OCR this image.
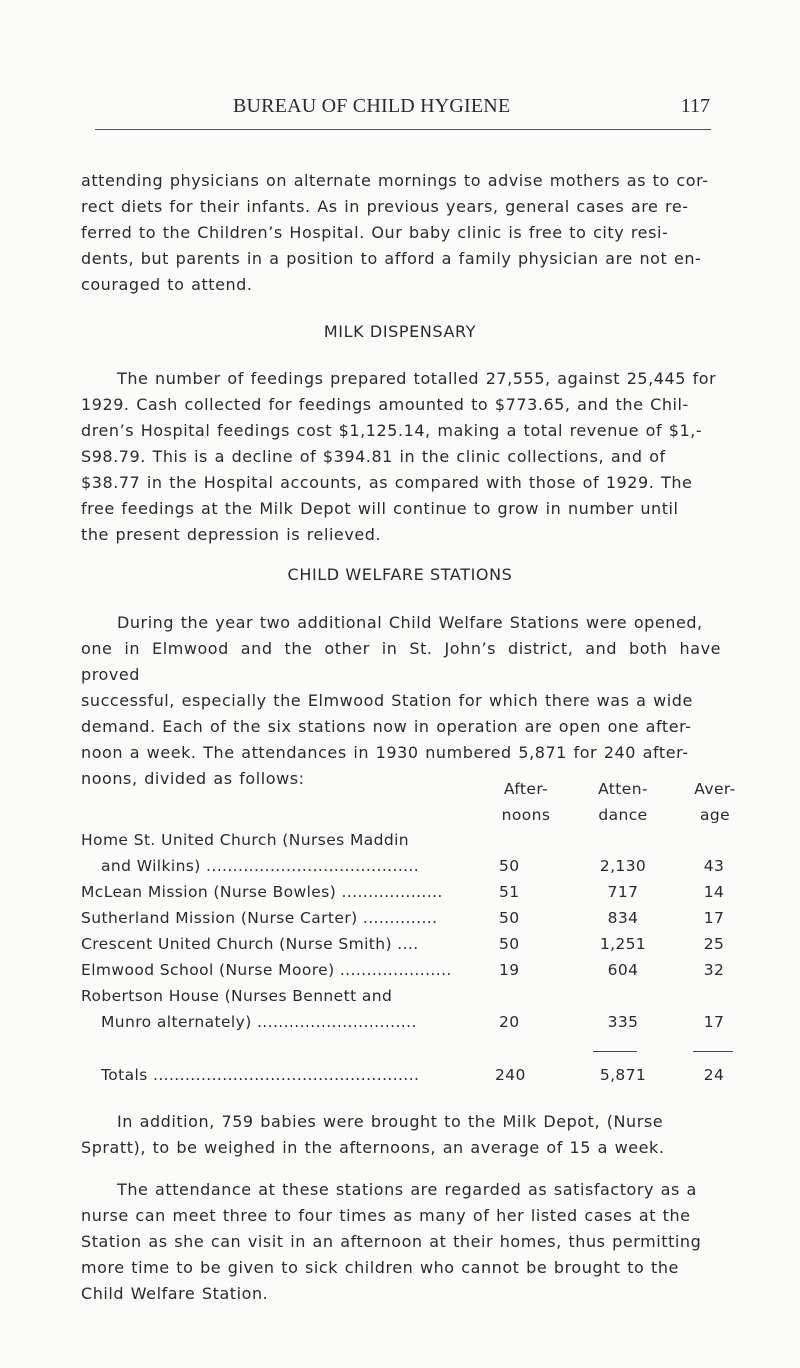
BUREAU OF CHILD HYGIENE	117
attending physicians on alternate mornings to advise mothers as to cor-
rect diets for their infants. As in previous years, general cases are re-
ferred to the Children’s Hospital. Our baby clinic is free to city resi-
dents, but parents in a position to afford a family physician are not en-
couraged to attend.
MILK DISPENSARY
The number of feedings prepared totalled 27,555, against 25,445 for
1929. Cash collected for feedings amounted to $773.65, and the Chil-
dren’s Hospital feedings cost $1,125.14, making a total revenue of $1,-
S98.79. This is a decline of $394.81 in the clinic collections, and of
$38.77 in the Hospital accounts, as compared with those of 1929. The
free feedings at the Milk Depot will continue to grow in number until
the present depression is relieved.
CHILD WELFARE STATIONS
During the year two additional Child Welfare Stations were opened,
one in Elmwood and the other in St. John’s district, and both have proved
successful, especially the Elmwood Station for which there was a wide
demand. Each of the six stations now in operation are open one after-
noon a week. The attendances in 1930 numbered 5,871 for 240 after-
noons, divided as follows:
After-
noons
Atten-
dance
Aver-
age
Home St. United Church (Nurses Maddin
and Wilkins) ........................................	50	2,130	43
McLean Mission (Nurse Bowles) ...................	51	717	14
Sutherland Mission (Nurse Carter) ..............	50	834	17
Crescent United Church (Nurse Smith) ....	50	1,251	25
Elmwood School (Nurse Moore) .....................	19	604	32
Robertson House (Nurses Bennett and
Munro alternately) ..............................	20	335	17
Totals ..................................................	240	5,871	24
In addition, 759 babies were brought to the Milk Depot, (Nurse
Spratt), to be weighed in the afternoons, an average of 15 a week.
The attendance at these stations are regarded as satisfactory as a
nurse can meet three to four times as many of her listed cases at the
Station as she can visit in an afternoon at their homes, thus permitting
more time to be given to sick children who cannot be brought to the
Child Welfare Station.
